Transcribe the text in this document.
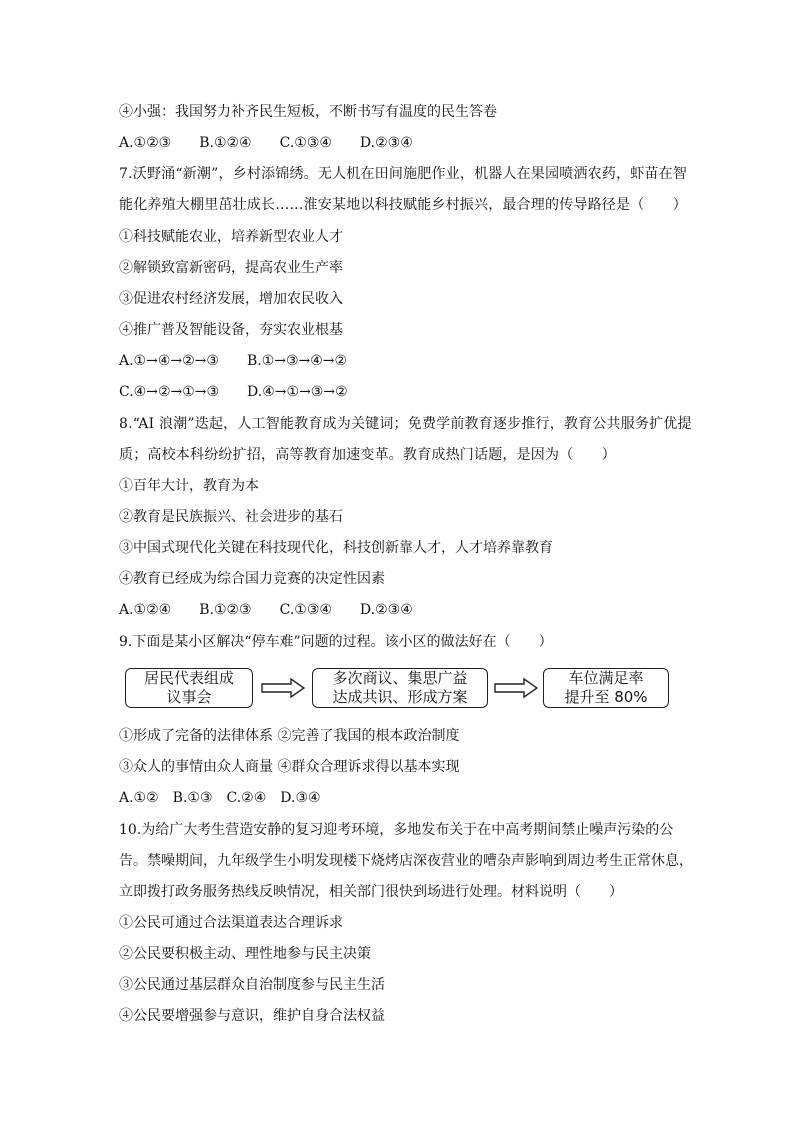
④小强：我国努力补齐民生短板，不断书写有温度的民生答卷
A.①②③　　B.①②④　　C.①③④　　D.②③④
7.沃野涌“新潮”，乡村添锦绣。无人机在田间施肥作业，机器人在果园喷洒农药，虾苗在智
能化养殖大棚里茁壮成长……淮安某地以科技赋能乡村振兴，最合理的传导路径是（　　）
①科技赋能农业，培养新型农业人才
②解锁致富新密码，提高农业生产率
③促进农村经济发展，增加农民收入
④推广普及智能设备，夯实农业根基
A.①→④→②→③　　B.①→③→④→②
C.④→②→①→③　　D.④→①→③→②
8.“AI 浪潮”迭起，人工智能教育成为关键词；免费学前教育逐步推行，教育公共服务扩优提
质；高校本科纷纷扩招，高等教育加速变革。教育成热门话题，是因为（　　）
①百年大计，教育为本
②教育是民族振兴、社会进步的基石
③中国式现代化关键在科技现代化，科技创新靠人才，人才培养靠教育
④教育已经成为综合国力竞赛的决定性因素
A.①②④　　B.①②③　　C.①③④　　D.②③④
9.下面是某小区解决“停车难”问题的过程。该小区的做法好在（　　）
居民代表组成
议事会
多次商议、集思广益
达成共识、形成方案
车位满足率
提升至 80%
①形成了完备的法律体系 ②完善了我国的根本政治制度
③众人的事情由众人商量 ④群众合理诉求得以基本实现
A.①②　B.①③　C.②④　D.③④
10.为给广大考生营造安静的复习迎考环境，多地发布关于在中高考期间禁止噪声污染的公
告。禁噪期间，九年级学生小明发现楼下烧烤店深夜营业的嘈杂声影响到周边考生正常休息，
立即拨打政务服务热线反映情况，相关部门很快到场进行处理。材料说明（　　）
①公民可通过合法渠道表达合理诉求
②公民要积极主动、理性地参与民主决策
③公民通过基层群众自治制度参与民主生活
④公民要增强参与意识，维护自身合法权益
